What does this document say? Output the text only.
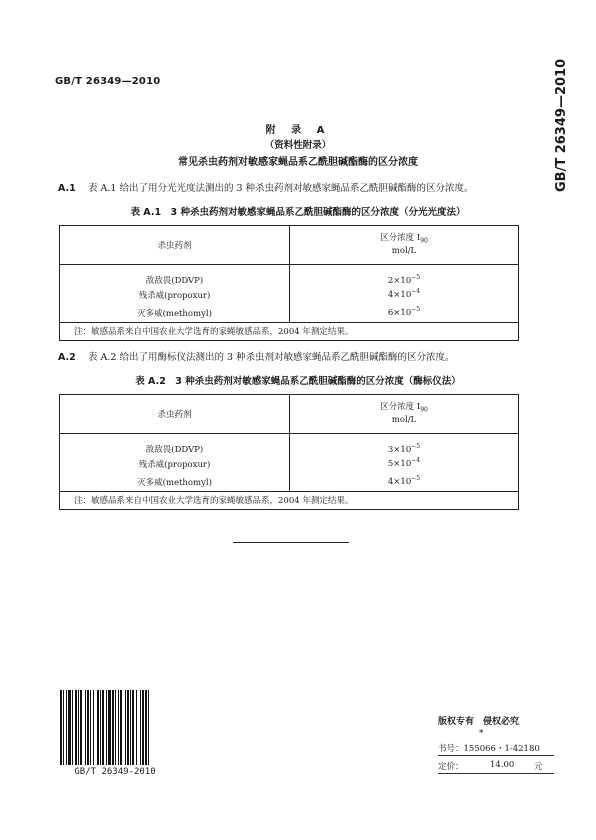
GB/T 26349—2010	GB/T 26349—2010
附 录 A
（资料性附录）
常见杀虫药剂对敏感家蝇品系乙酰胆碱酯酶的区分浓度
A.1 表 A.1 给出了用分光光度法测出的 3 种杀虫药剂对敏感家蝇品系乙酰胆碱酯酶的区分浓度。
表 A.1　3 种杀虫药剂对敏感家蝇品系乙酰胆碱酯酶的区分浓度（分光光度法）
杀虫药剂	区分浓度 $I_{90}$
mol/L

敌敌畏(DDVP)	$2\times 10^{-5}$
残杀威(propoxur)	$4\times 10^{-4}$
灭多威(methomyl)	$6\times 10^{-5}$
注：敏感品系来自中国农业大学选育的家蝇敏感品系，2004 年测定结果。	
A.2 表 A.2 给出了用酶标仪法测出的 3 种杀虫剂对敏感家蝇品系乙酰胆碱酯酶的区分浓度。
表 A.2　3 种杀虫药剂对敏感家蝇品系乙酰胆碱酯酶的区分浓度（酶标仪法）
杀虫药剂	区分浓度 $I_{90}$
mol/L

敌敌畏(DDVP)	$3\times 10^{-5}$
残杀威(propoxur)	$5\times 10^{-4}$
灭多威(methomyl)	$4\times 10^{-5}$
注：敏感品系来自中国农业大学选育的家蝇敏感品系，2004 年测定结果。	
GB/T 26349-2010
版权专有　侵权必究
*
书号：155066・1-42180
定价：	14.00 元
